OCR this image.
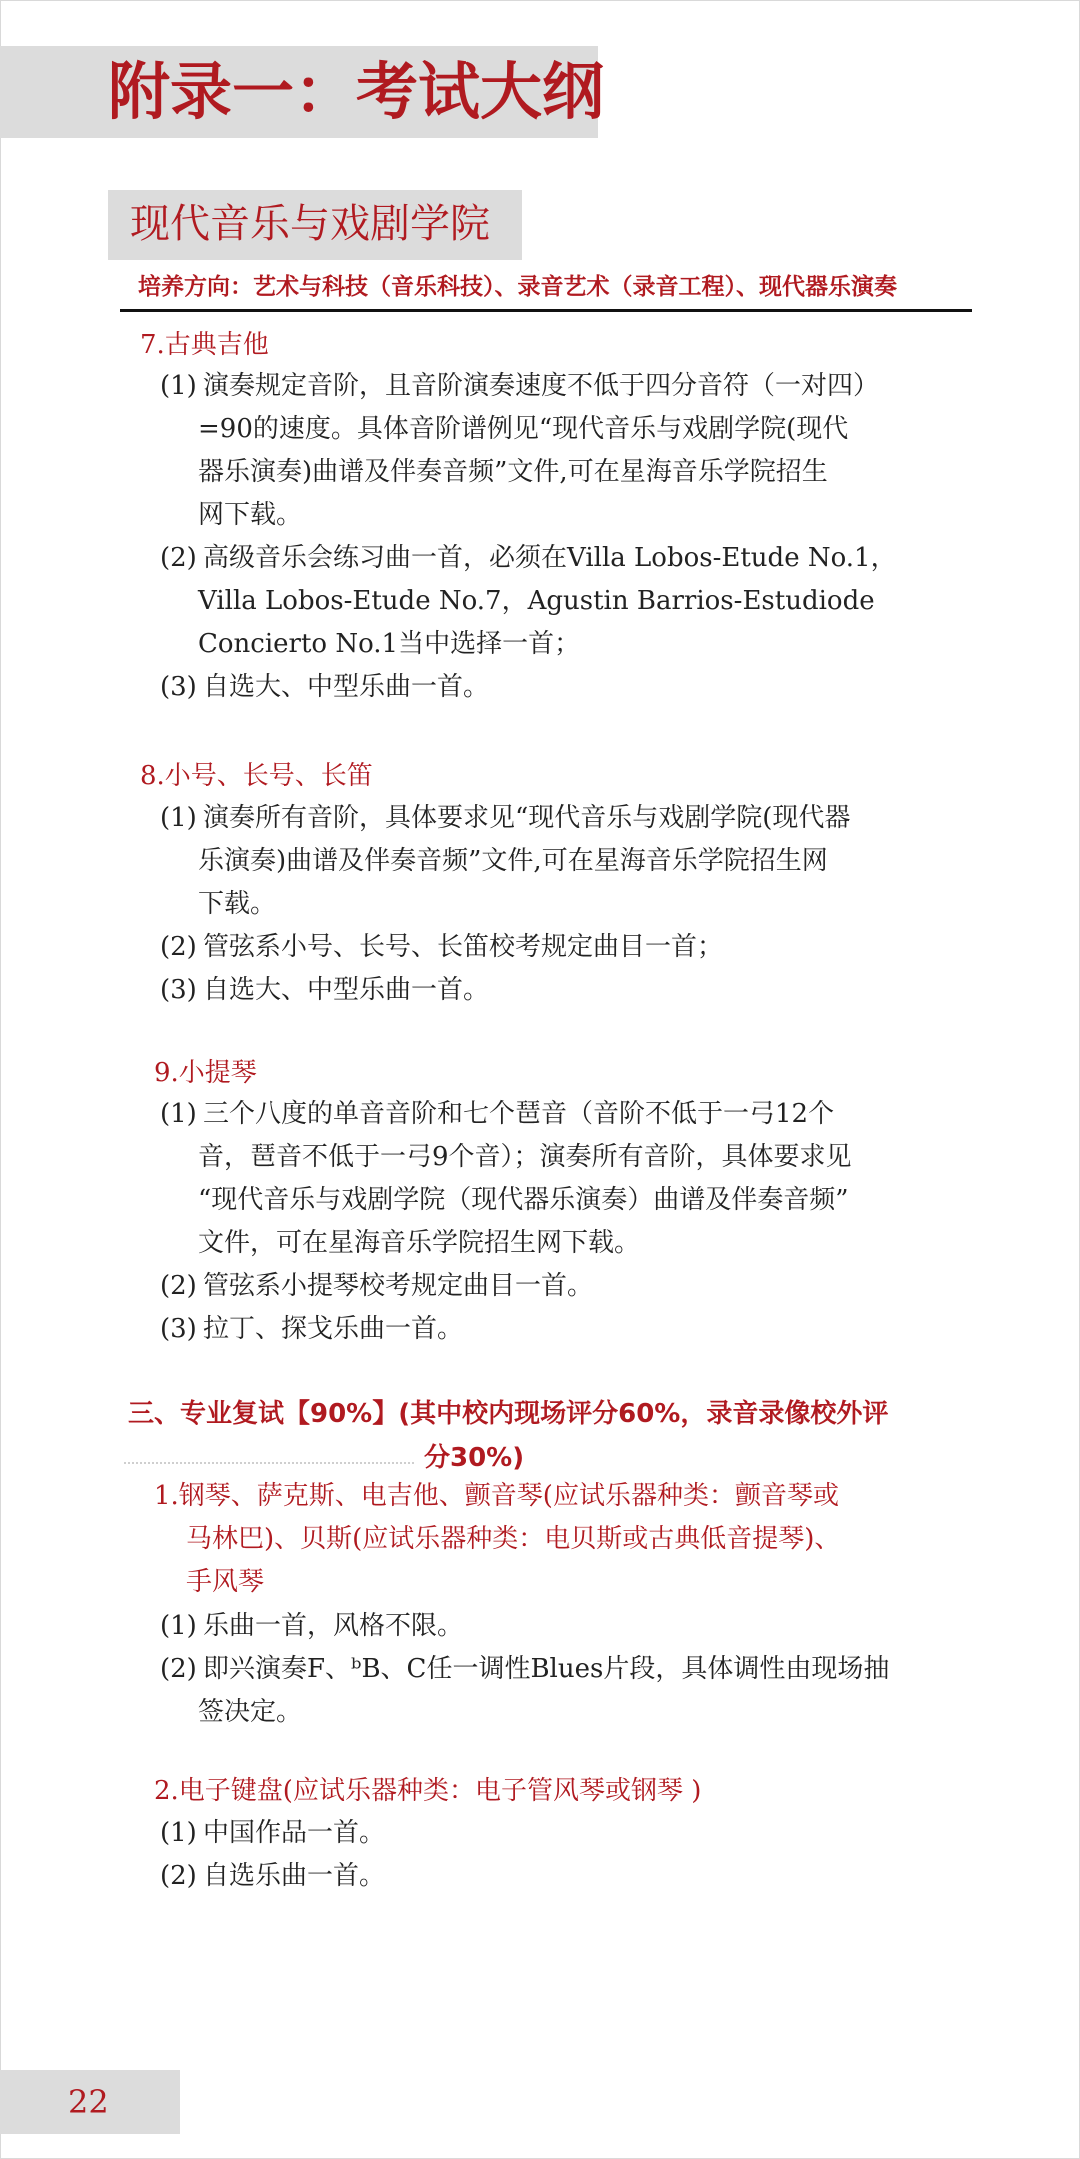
附录一：考试大纲
现代音乐与戏剧学院
培养方向：艺术与科技（音乐科技）、录音艺术（录音工程）、现代器乐演奏
7.古典吉他
(1) 演奏规定音阶，且音阶演奏速度不低于四分音符（一对四）
=90的速度。具体音阶谱例见“现代音乐与戏剧学院(现代
器乐演奏)曲谱及伴奏音频”文件,可在星海音乐学院招生
网下载。
(2) 高级音乐会练习曲一首，必须在Villa Lobos-Etude No.1，
Villa Lobos-Etude No.7，Agustin Barrios-Estudiode
Concierto No.1当中选择一首；
(3) 自选大、中型乐曲一首。
8.小号、长号、长笛
(1) 演奏所有音阶，具体要求见“现代音乐与戏剧学院(现代器
乐演奏)曲谱及伴奏音频”文件,可在星海音乐学院招生网
下载。
(2) 管弦系小号、长号、长笛校考规定曲目一首；
(3) 自选大、中型乐曲一首。
9.小提琴
(1) 三个八度的单音音阶和七个琶音（音阶不低于一弓12个
音，琶音不低于一弓9个音）；演奏所有音阶，具体要求见
“现代音乐与戏剧学院（现代器乐演奏）曲谱及伴奏音频”
文件，可在星海音乐学院招生网下载。
(2) 管弦系小提琴校考规定曲目一首。
(3) 拉丁、探戈乐曲一首。
三、专业复试【90%】(其中校内现场评分60%，录音录像校外评
分30%)
1.钢琴、萨克斯、电吉他、颤音琴(应试乐器种类：颤音琴或
马林巴)、贝斯(应试乐器种类：电贝斯或古典低音提琴)、
手风琴
(1) 乐曲一首，风格不限。
(2) 即兴演奏F、ᵇB、C任一调性Blues片段，具体调性由现场抽
签决定。
2.电子键盘(应试乐器种类：电子管风琴或钢琴 )
(1) 中国作品一首。
(2) 自选乐曲一首。
22
